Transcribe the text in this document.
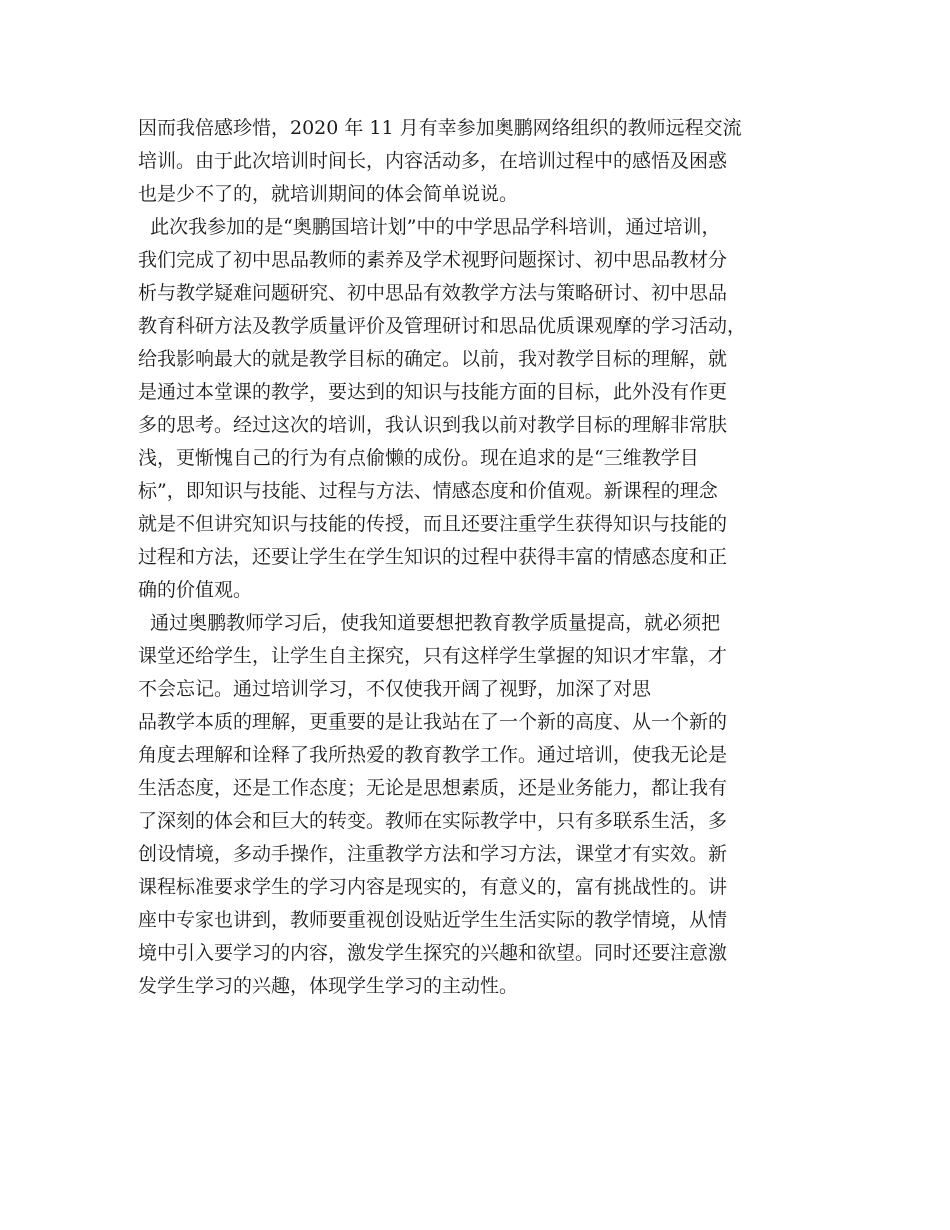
因而我倍感珍惜，2020 年 11 月有幸参加奥鹏网络组织的教师远程交流
培训。由于此次培训时间长，内容活动多，在培训过程中的感悟及困惑
也是少不了的，就培训期间的体会简单说说。
此次我参加的是“奥鹏国培计划”中的中学思品学科培训，通过培训，
我们完成了初中思品教师的素养及学术视野问题探讨、初中思品教材分
析与教学疑难问题研究、初中思品有效教学方法与策略研讨、初中思品
教育科研方法及教学质量评价及管理研讨和思品优质课观摩的学习活动，
给我影响最大的就是教学目标的确定。以前，我对教学目标的理解，就
是通过本堂课的教学，要达到的知识与技能方面的目标，此外没有作更
多的思考。经过这次的培训，我认识到我以前对教学目标的理解非常肤
浅，更惭愧自己的行为有点偷懒的成份。现在追求的是“三维教学目
标”，即知识与技能、过程与方法、情感态度和价值观。新课程的理念
就是不但讲究知识与技能的传授，而且还要注重学生获得知识与技能的
过程和方法，还要让学生在学生知识的过程中获得丰富的情感态度和正
确的价值观。
通过奥鹏教师学习后，使我知道要想把教育教学质量提高，就必须把
课堂还给学生，让学生自主探究，只有这样学生掌握的知识才牢靠，才
不会忘记。通过培训学习，不仅使我开阔了视野，加深了对思
品教学本质的理解，更重要的是让我站在了一个新的高度、从一个新的
角度去理解和诠释了我所热爱的教育教学工作。通过培训，使我无论是
生活态度，还是工作态度；无论是思想素质，还是业务能力，都让我有
了深刻的体会和巨大的转变。教师在实际教学中，只有多联系生活，多
创设情境，多动手操作，注重教学方法和学习方法，课堂才有实效。新
课程标准要求学生的学习内容是现实的，有意义的，富有挑战性的。讲
座中专家也讲到，教师要重视创设贴近学生生活实际的教学情境，从情
境中引入要学习的内容，激发学生探究的兴趣和欲望。同时还要注意激
发学生学习的兴趣，体现学生学习的主动性。
